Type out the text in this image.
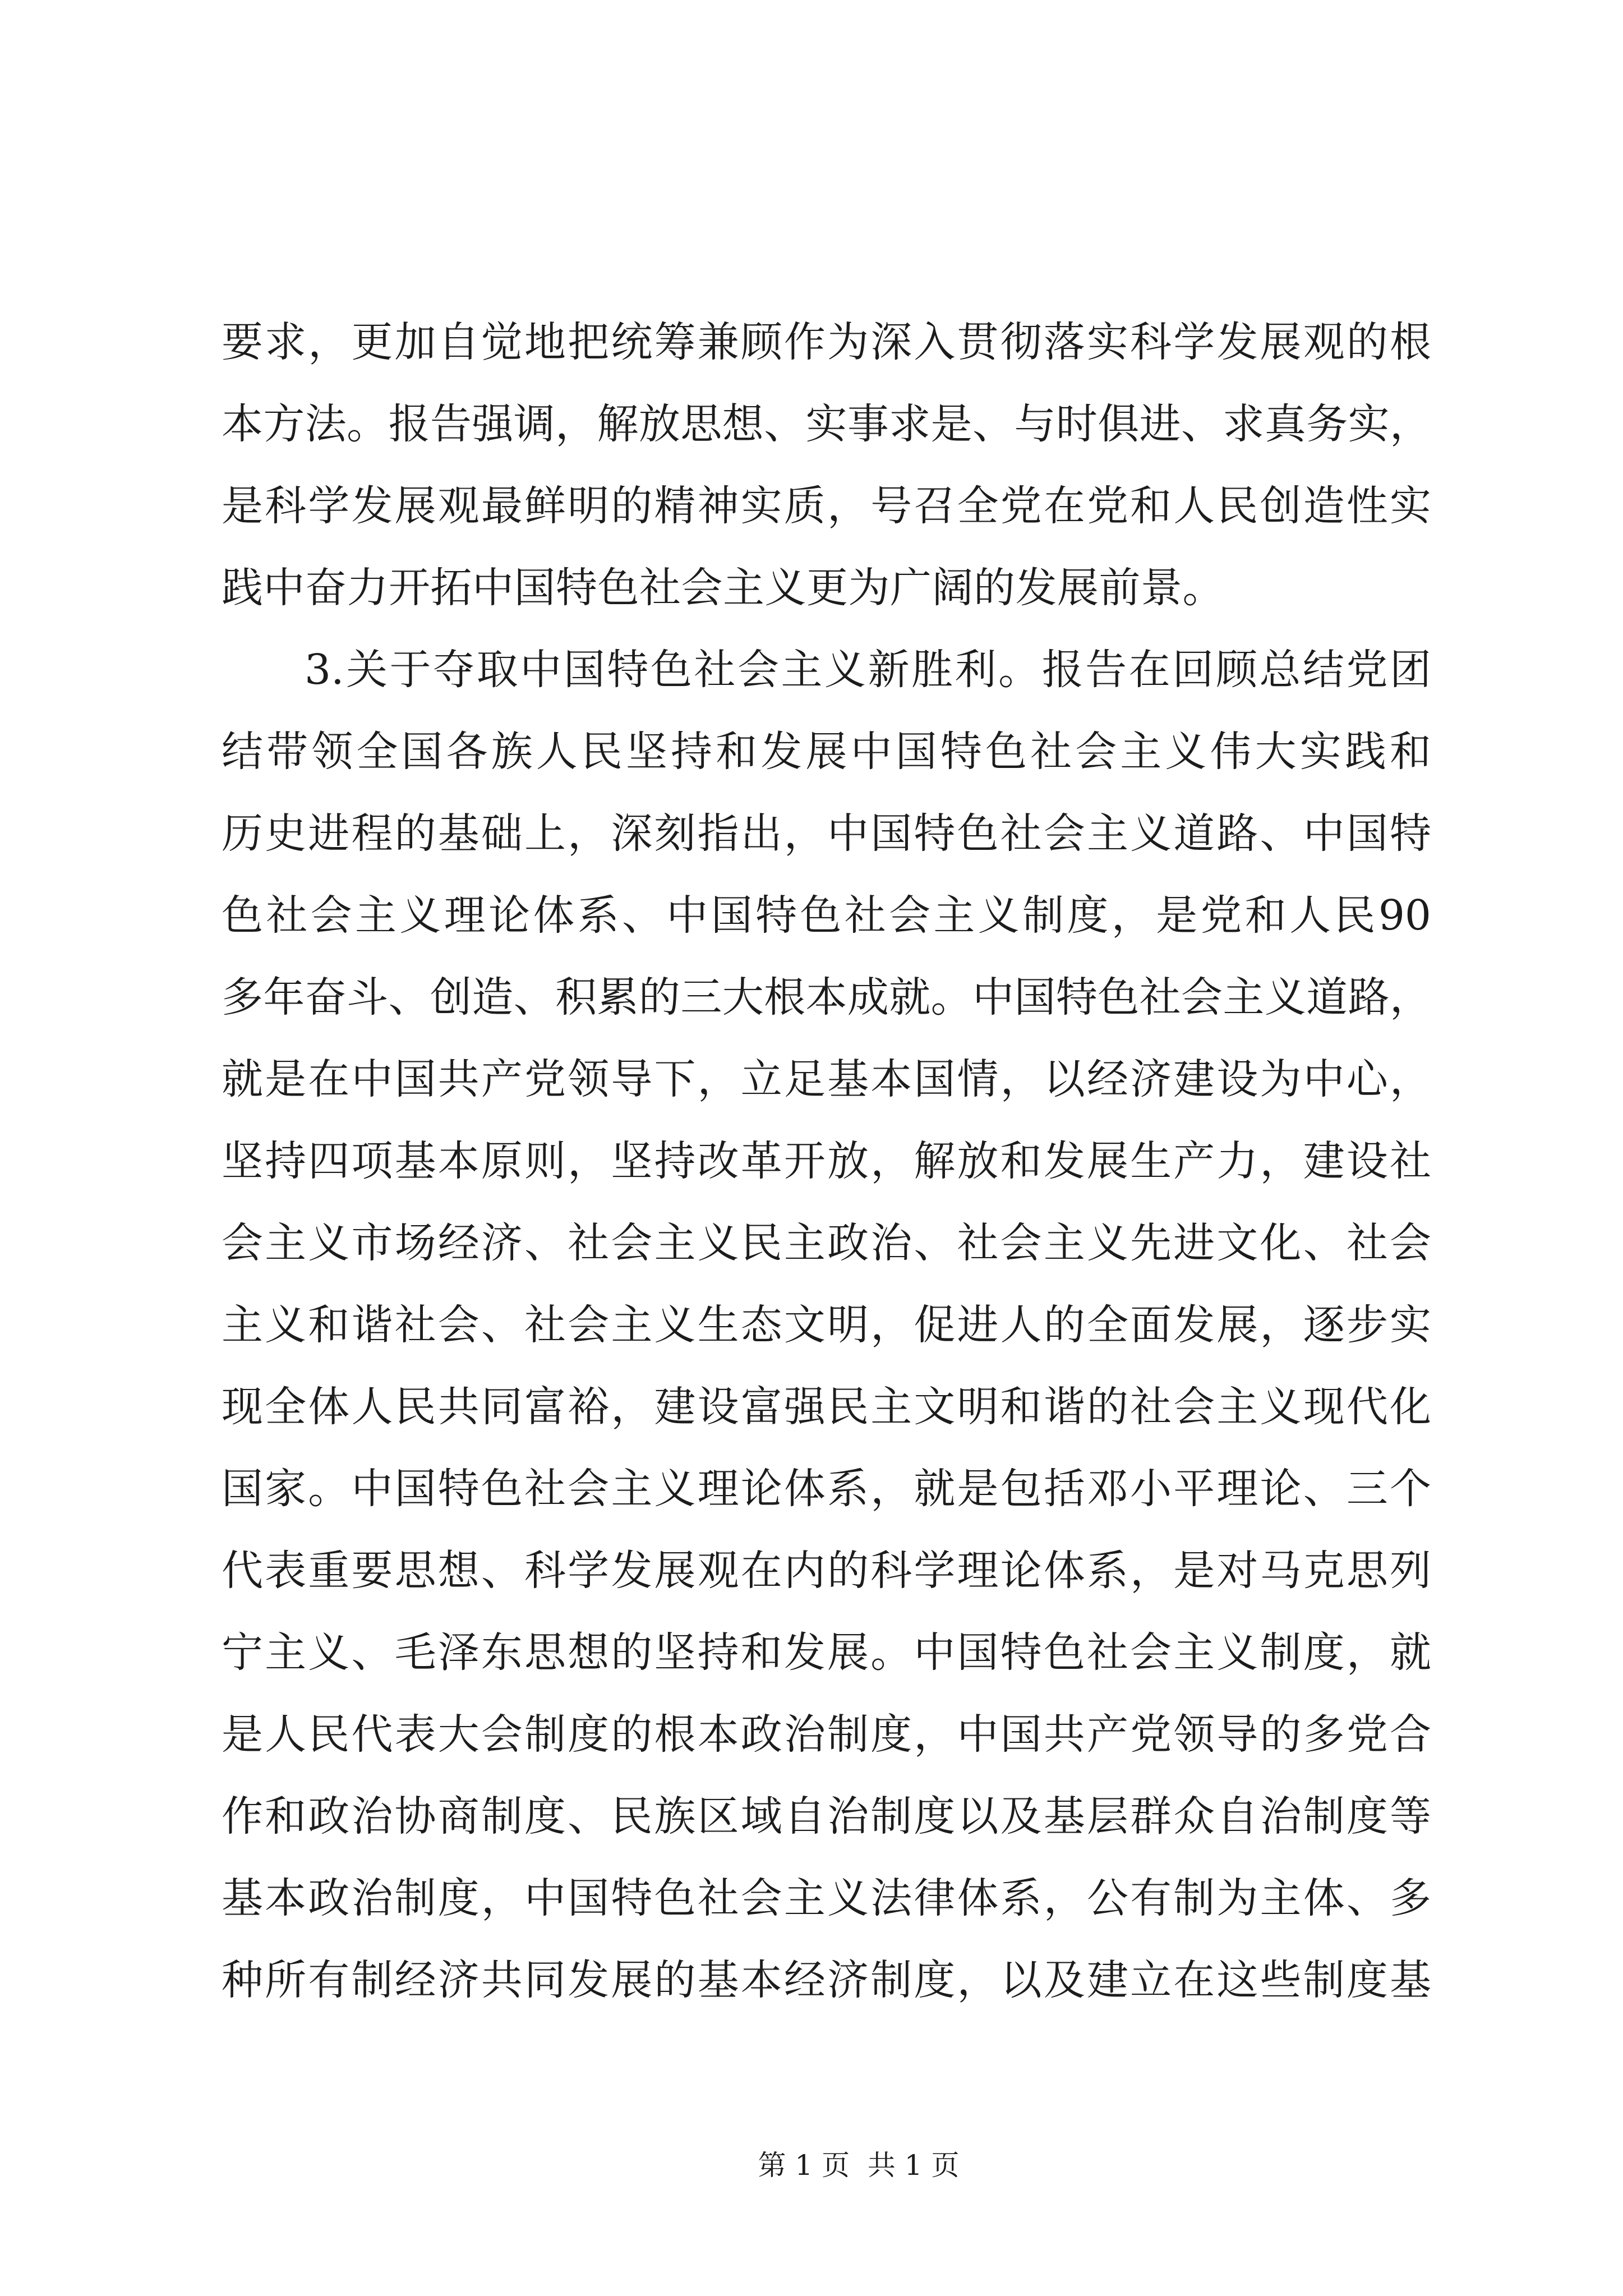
要求，更加自觉地把统筹兼顾作为深入贯彻落实科学发展观的根
本方法。报告强调，解放思想、实事求是、与时俱进、求真务实，
是科学发展观最鲜明的精神实质，号召全党在党和人民创造性实
践中奋力开拓中国特色社会主义更为广阔的发展前景。
3.关于夺取中国特色社会主义新胜利。报告在回顾总结党团
结带领全国各族人民坚持和发展中国特色社会主义伟大实践和
历史进程的基础上，深刻指出，中国特色社会主义道路、中国特
色社会主义理论体系、中国特色社会主义制度，是党和人民90
多年奋斗、创造、积累的三大根本成就。中国特色社会主义道路，
就是在中国共产党领导下，立足基本国情，以经济建设为中心，
坚持四项基本原则，坚持改革开放，解放和发展生产力，建设社
会主义市场经济、社会主义民主政治、社会主义先进文化、社会
主义和谐社会、社会主义生态文明，促进人的全面发展，逐步实
现全体人民共同富裕，建设富强民主文明和谐的社会主义现代化
国家。中国特色社会主义理论体系，就是包括邓小平理论、三个
代表重要思想、科学发展观在内的科学理论体系，是对马克思列
宁主义、毛泽东思想的坚持和发展。中国特色社会主义制度，就
是人民代表大会制度的根本政治制度，中国共产党领导的多党合
作和政治协商制度、民族区域自治制度以及基层群众自治制度等
基本政治制度，中国特色社会主义法律体系，公有制为主体、多
种所有制经济共同发展的基本经济制度，以及建立在这些制度基
第 1 页  共 1 页
